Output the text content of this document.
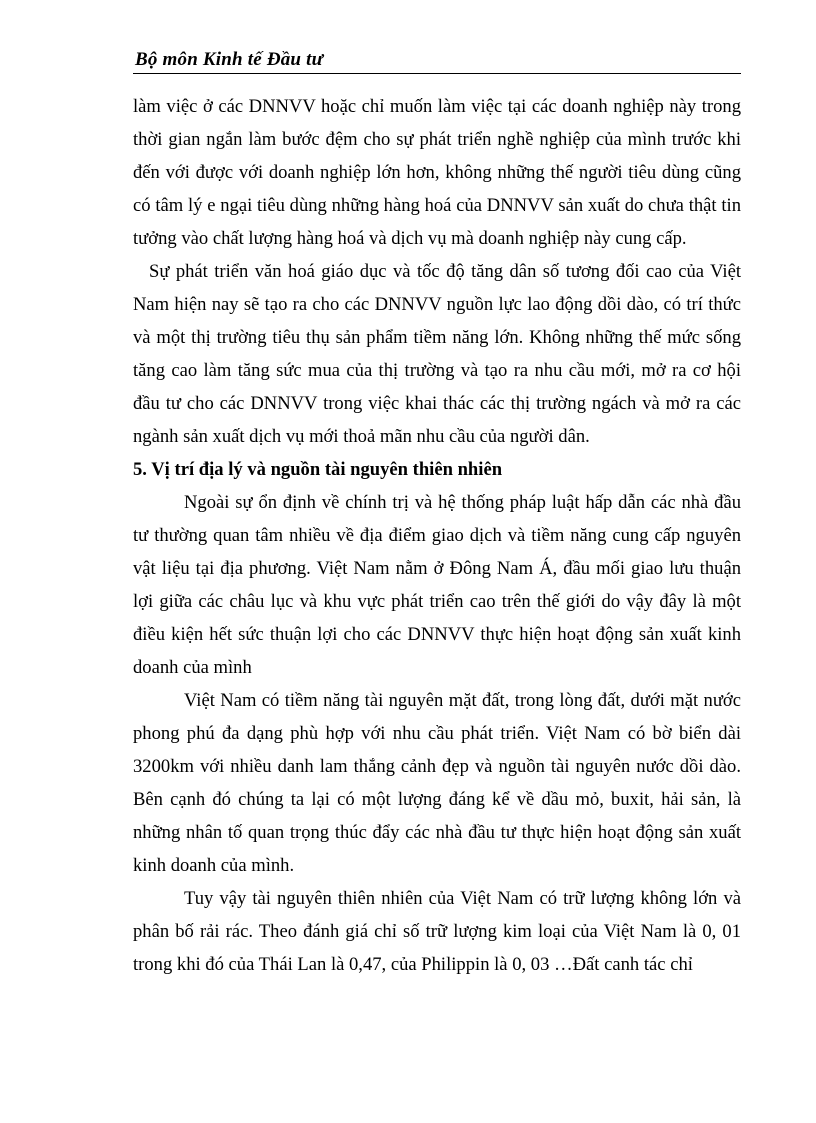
Bộ môn Kinh tế Đầu tư

làm việc ở các DNNVV hoặc chỉ muốn làm việc tại các doanh nghiệp này trong thời gian ngắn làm bước đệm cho sự phát triển nghề nghiệp của mình trước khi đến với được với doanh nghiệp lớn hơn, không những thế người tiêu dùng cũng có tâm lý e ngại tiêu dùng những hàng hoá của DNNVV sản xuất do chưa thật tin tưởng vào chất lượng hàng hoá và dịch vụ mà doanh nghiệp này cung cấp.

Sự phát triển văn hoá giáo dục và tốc độ tăng dân số tương đối cao của Việt Nam hiện nay sẽ tạo ra cho các DNNVV nguồn lực lao động dồi dào, có trí thức và một thị trường tiêu thụ sản phẩm tiềm năng lớn. Không những thế mức sống tăng cao làm tăng sức mua của thị trường và tạo ra nhu cầu mới, mở ra cơ hội đầu tư cho các DNNVV trong việc khai thác các thị trường ngách và mở ra các ngành sản xuất dịch vụ mới thoả mãn nhu cầu của người dân.

5. Vị trí địa lý và nguồn tài nguyên thiên nhiên

Ngoài sự ổn định về chính trị và hệ thống pháp luật hấp dẫn các nhà đầu tư thường quan tâm nhiều về địa điểm giao dịch và tiềm năng cung cấp nguyên vật liệu tại địa phương. Việt Nam nằm ở Đông Nam Á, đầu mối giao lưu thuận lợi giữa các châu lục và khu vực phát triển cao trên thế giới do vậy đây là một điều kiện hết sức thuận lợi cho các DNNVV thực hiện hoạt động sản xuất kinh doanh của mình

Việt Nam có tiềm năng tài nguyên mặt đất, trong lòng đất, dưới mặt nước phong phú đa dạng phù hợp với nhu cầu phát triển. Việt Nam có bờ biển dài 3200km với nhiều danh lam thắng cảnh đẹp và nguồn tài nguyên nước dồi dào. Bên cạnh đó chúng ta lại có một lượng đáng kể về dầu mỏ, buxit, hải sản, là những nhân tố quan trọng thúc đẩy các nhà đầu tư thực hiện hoạt động sản xuất kinh doanh của mình.

Tuy vậy tài nguyên thiên nhiên của Việt Nam có trữ lượng không lớn và phân bố rải rác. Theo đánh giá chỉ số trữ lượng kim loại của Việt Nam là 0, 01 trong khi đó của Thái Lan là 0,47, của Philippin là 0, 03 …Đất canh tác chỉ
